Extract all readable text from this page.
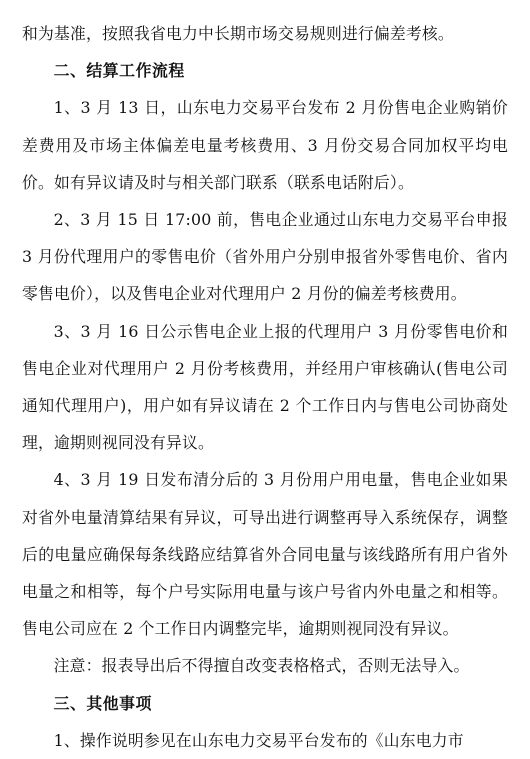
和为基准，按照我省电力中长期市场交易规则进行偏差考核。

二、结算工作流程

1、3 月 13 日，山东电力交易平台发布 2 月份售电企业购销价差费用及市场主体偏差电量考核费用、3 月份交易合同加权平均电价。如有异议请及时与相关部门联系（联系电话附后）。

2、3 月 15 日 17:00 前，售电企业通过山东电力交易平台申报 3 月份代理用户的零售电价（省外用户分别申报省外零售电价、省内零售电价），以及售电企业对代理用户 2 月份的偏差考核费用。

3、3 月 16 日公示售电企业上报的代理用户 3 月份零售电价和售电企业对代理用户 2 月份考核费用，并经用户审核确认(售电公司通知代理用户)，用户如有异议请在 2 个工作日内与售电公司协商处理，逾期则视同没有异议。

4、3 月 19 日发布清分后的 3 月份用户用电量，售电企业如果对省外电量清算结果有异议，可导出进行调整再导入系统保存，调整后的电量应确保每条线路应结算省外合同电量与该线路所有用户省外电量之和相等，每个户号实际用电量与该户号省内外电量之和相等。售电公司应在 2 个工作日内调整完毕，逾期则视同没有异议。

注意：报表导出后不得擅自改变表格格式，否则无法导入。

三、其他事项

1、操作说明参见在山东电力交易平台发布的《山东电力市
